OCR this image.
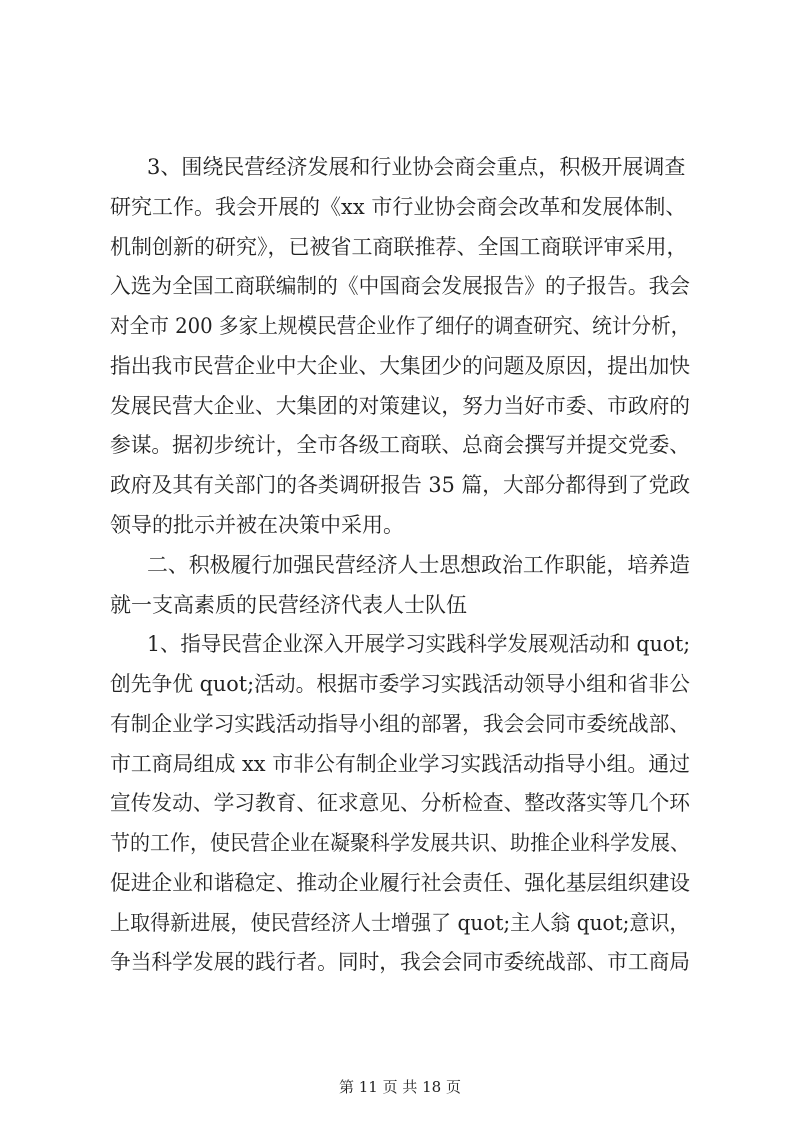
3、围绕民营经济发展和行业协会商会重点，积极开展调查
研究工作。我会开展的《xx 市行业协会商会改革和发展体制、
机制创新的研究》，已被省工商联推荐、全国工商联评审采用，
入选为全国工商联编制的《中国商会发展报告》的子报告。我会
对全市 200 多家上规模民营企业作了细仔的调查研究、统计分析，
指出我市民营企业中大企业、大集团少的问题及原因，提出加快
发展民营大企业、大集团的对策建议，努力当好市委、市政府的
参谋。据初步统计，全市各级工商联、总商会撰写并提交党委、
政府及其有关部门的各类调研报告 35 篇，大部分都得到了党政
领导的批示并被在决策中采用。
二、积极履行加强民营经济人士思想政治工作职能，培养造
就一支高素质的民营经济代表人士队伍
1、指导民营企业深入开展学习实践科学发展观活动和 quot;
创先争优 quot;活动。根据市委学习实践活动领导小组和省非公
有制企业学习实践活动指导小组的部署，我会会同市委统战部、
市工商局组成 xx 市非公有制企业学习实践活动指导小组。通过
宣传发动、学习教育、征求意见、分析检查、整改落实等几个环
节的工作，使民营企业在凝聚科学发展共识、助推企业科学发展、
促进企业和谐稳定、推动企业履行社会责任、强化基层组织建设
上取得新进展，使民营经济人士增强了 quot;主人翁 quot;意识，
争当科学发展的践行者。同时，我会会同市委统战部、市工商局
第 11 页 共 18 页
